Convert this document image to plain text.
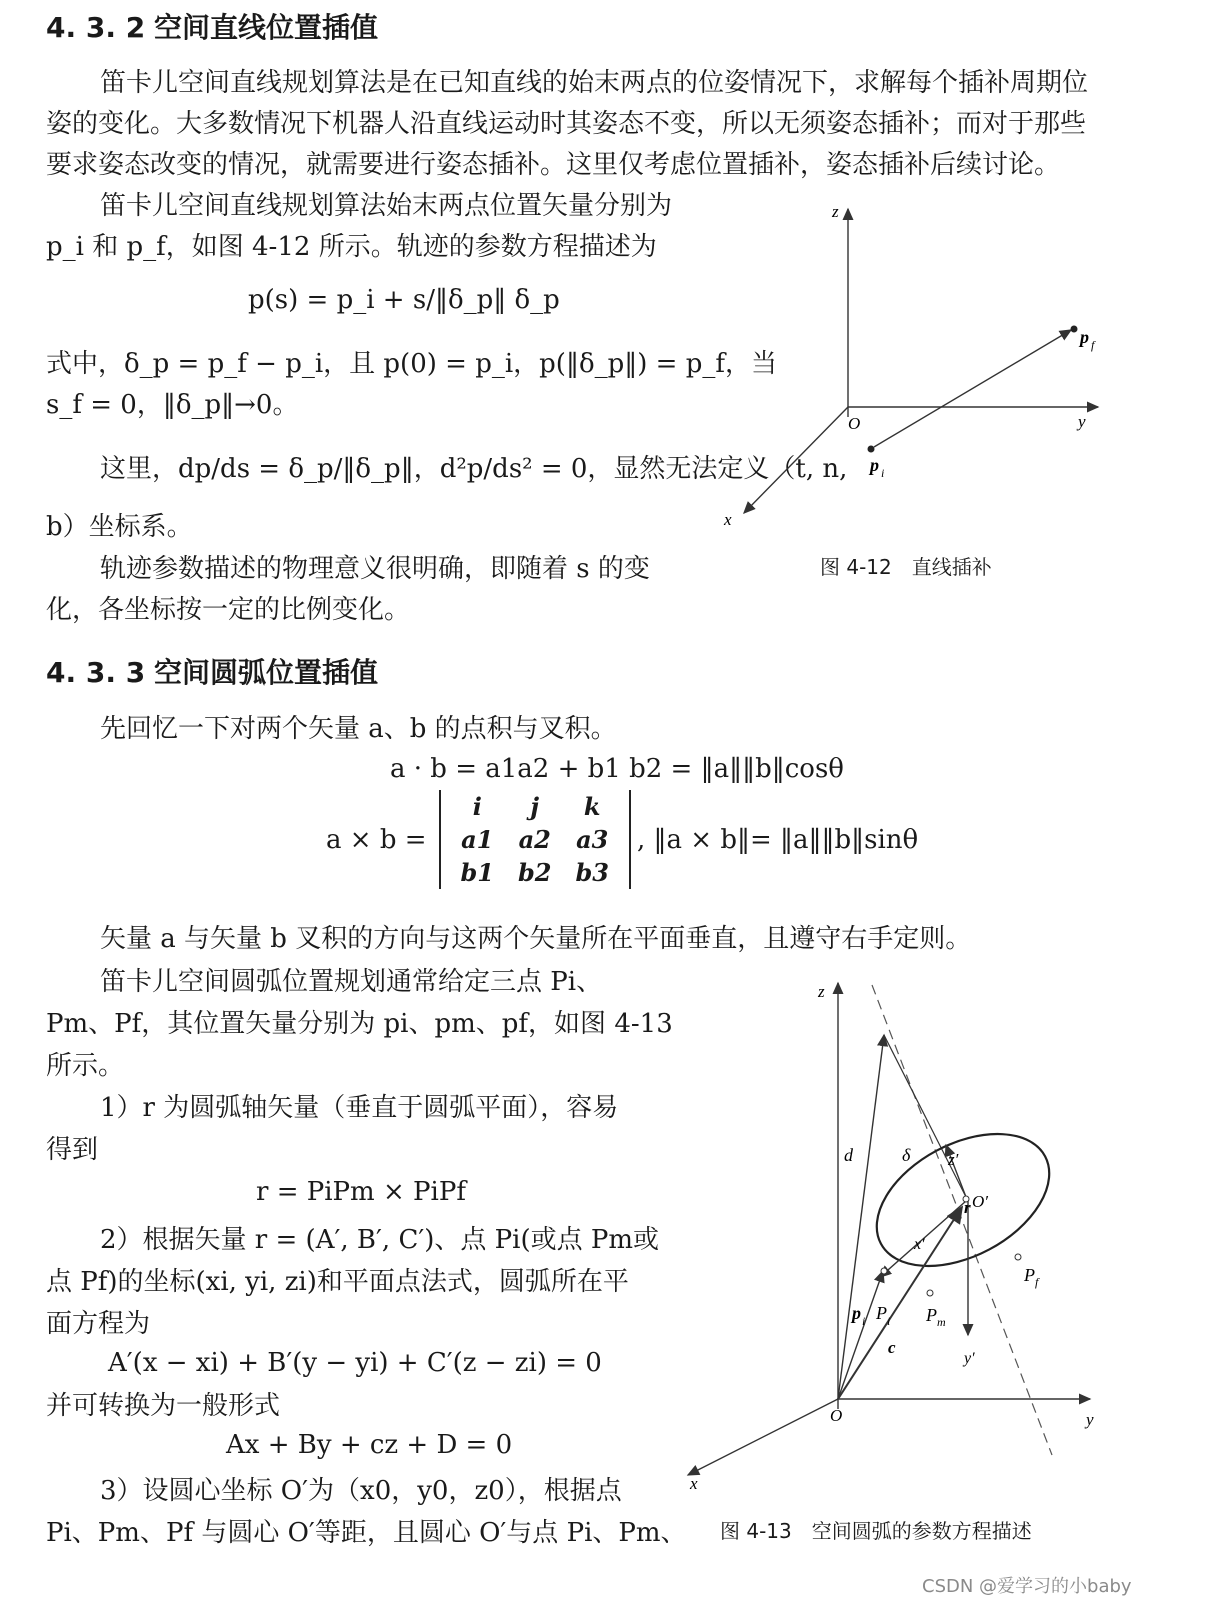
4. 3. 2 空间直线位置插值
笛卡儿空间直线规划算法是在已知直线的始末两点的位姿情况下，求解每个插补周期位
姿的变化。大多数情况下机器人沿直线运动时其姿态不变，所以无须姿态插补；而对于那些
要求姿态改变的情况，就需要进行姿态插补。这里仅考虑位置插补，姿态插补后续讨论。
笛卡儿空间直线规划算法始末两点位置矢量分别为
p_i 和 p_f，如图 4-12 所示。轨迹的参数方程描述为
p(s) = p_i + s/‖δ_p‖ δ_p
式中，δ_p = p_f − p_i，且 p(0) = p_i，p(‖δ_p‖) = p_f，当
s_f = 0，‖δ_p‖→0。
这里，dp/ds = δ_p/‖δ_p‖，d²p/ds² = 0，显然无法定义（t, n,
b）坐标系。
轨迹参数描述的物理意义很明确，即随着 s 的变
化，各坐标按一定的比例变化。
z
y
x
O
p f
p i
图 4-12　直线插补
4. 3. 3 空间圆弧位置插值
先回忆一下对两个矢量 a、b 的点积与叉积。
a · b = a1a2 + b1 b2 = ‖a‖‖b‖cosθ
a × b =
i	j	k
a1	a2	a3
b1	b2	b3
, ‖a × b‖= ‖a‖‖b‖sinθ
矢量 a 与矢量 b 叉积的方向与这两个矢量所在平面垂直，且遵守右手定则。
笛卡儿空间圆弧位置规划通常给定三点 Pi、
Pm、Pf，其位置矢量分别为 pi、pm、pf，如图 4-13
所示。
1）r 为圆弧轴矢量（垂直于圆弧平面），容易
得到
r = PiPm × PiPf
2）根据矢量 r = (A′, B′, C′)、点 Pi(或点 Pm或
点 Pf)的坐标(xi, yi, zi)和平面点法式，圆弧所在平
面方程为
A′(x − xi) + B′(y − yi) + C′(z − zi) = 0
并可转换为一般形式
Ax + By + cz + D = 0
3）设圆心坐标 O′为（x0，y0，z0），根据点
Pi、Pm、Pf 与圆心 O′等距，且圆心 O′与点 Pi、Pm、
z
y
x
O
d	δ z′
r O′
x′
P f
p i P i P m
c
y′
图 4-13　空间圆弧的参数方程描述
CSDN @爱学习的小baby
